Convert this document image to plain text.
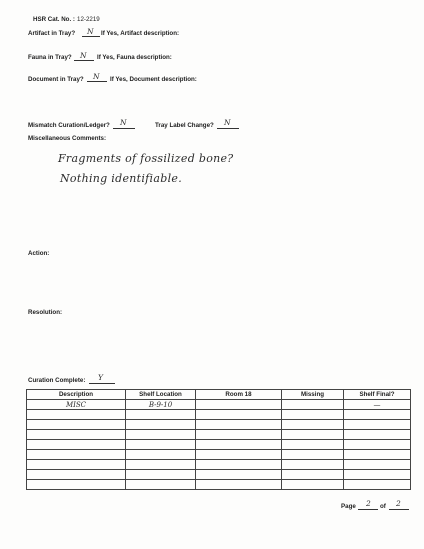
HSR Cat. No. : 12-2219
Artifact in Tray? N If Yes, Artifact description:
Fauna in Tray? N If Yes, Fauna description:
Document in Tray? N If Yes, Document description:
Mismatch Curation/Ledger? N	Tray Label Change? N
Miscellaneous Comments:
Fragments of fossilized bone?
Nothing identifiable.
Action:
Resolution:
Curation Complete: Y
Description	Shelf Location	Room 18	Missing	Shelf Final?
MISC	B-9-10			—

Page 2 of 2
